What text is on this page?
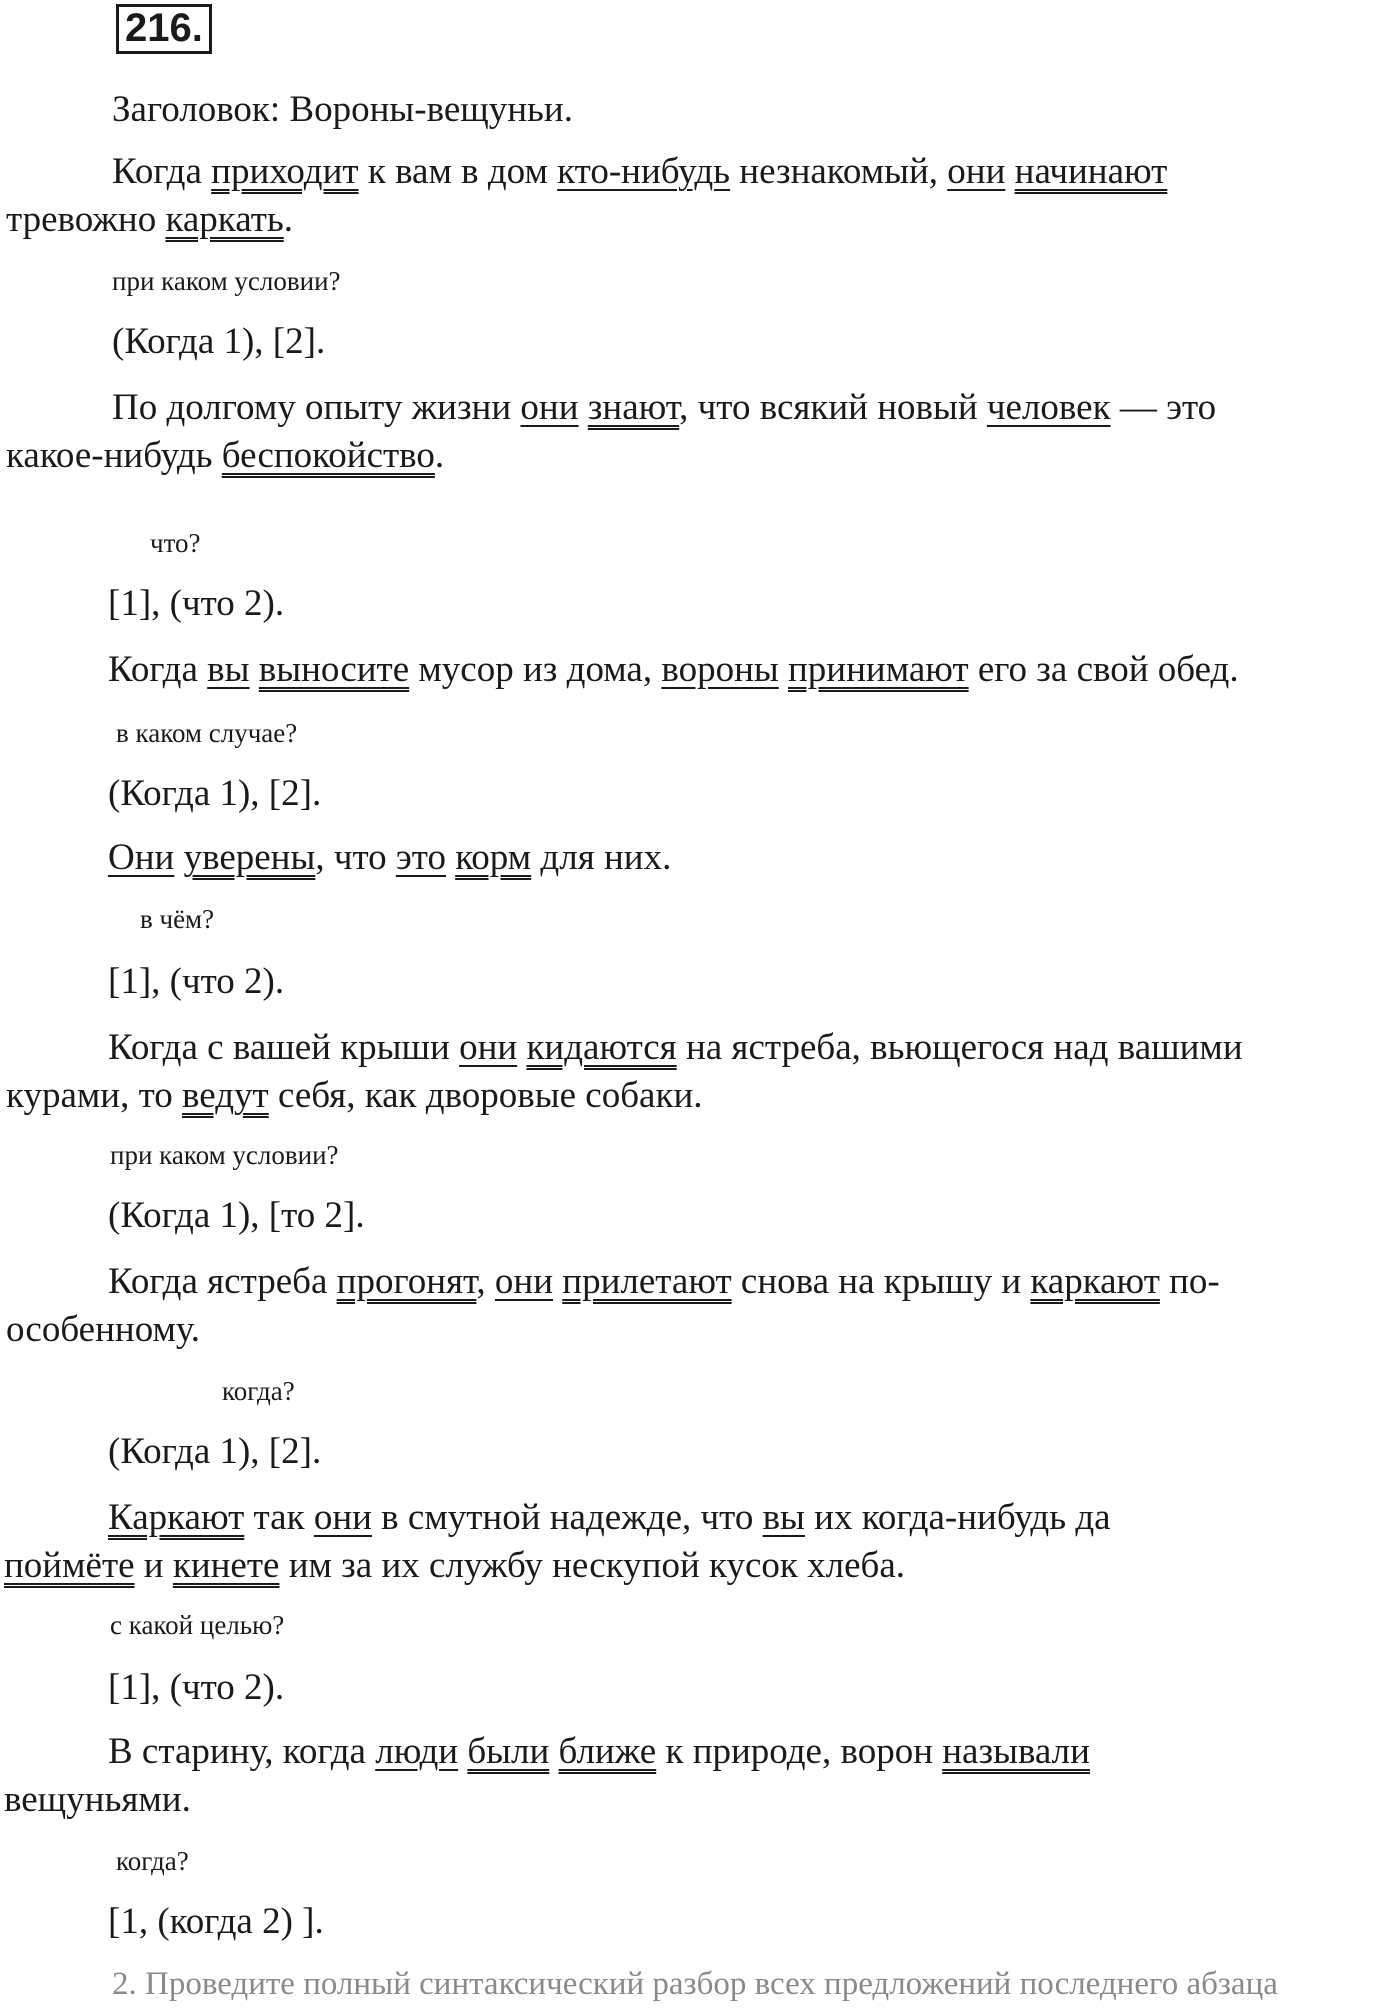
216.
Заголовок: Вороны-вещуньи.
Когда приходит к вам в дом кто-нибудь незнакомый, они начинают
тревожно каркать.
при каком условии?
(Когда 1), [2].
По долгому опыту жизни они знают, что всякий новый человек — это
какое-нибудь беспокойство.
что?
[1], (что 2).
Когда вы выносите мусор из дома, вороны принимают его за свой обед.
в каком случае?
(Когда 1), [2].
Они уверены, что это корм для них.
в чём?
[1], (что 2).
Когда с вашей крыши они кидаются на ястреба, вьющегося над вашими
курами, то ведут себя, как дворовые собаки.
при каком условии?
(Когда 1), [то 2].
Когда ястреба прогонят, они прилетают снова на крышу и каркают по-
особенному.
когда?
(Когда 1), [2].
Каркают так они в смутной надежде, что вы их когда-нибудь да
поймёте и кинете им за их службу нескупой кусок хлеба.
с какой целью?
[1], (что 2).
В старину, когда люди были ближе к природе, ворон называли
вещуньями.
когда?
[1, (когда 2) ].
2. Проведите полный синтаксический разбор всех предложений последнего абзаца
